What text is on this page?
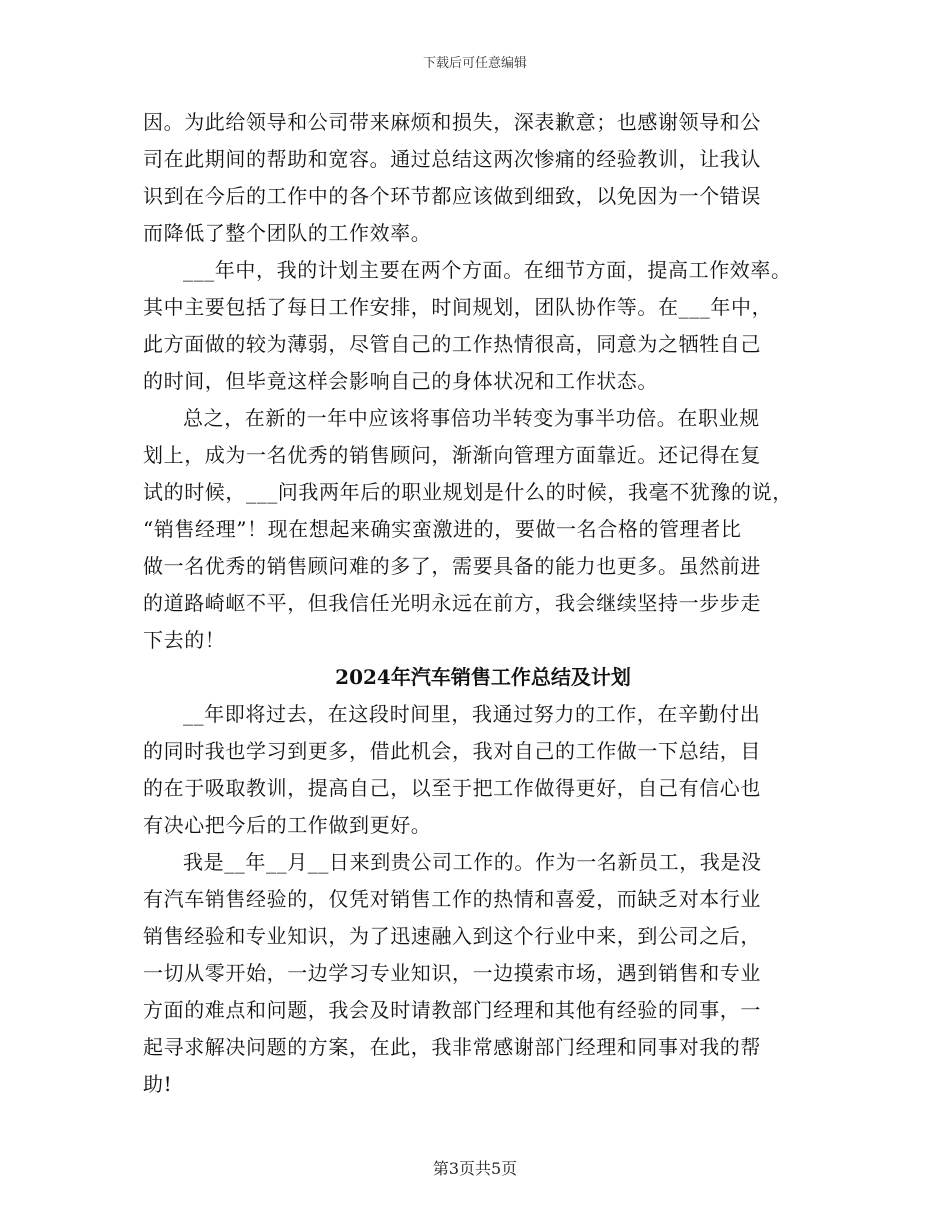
下载后可任意编辑

因。为此给领导和公司带来麻烦和损失，深表歉意；也感谢领导和公
司在此期间的帮助和宽容。通过总结这两次惨痛的经验教训，让我认
识到在今后的工作中的各个环节都应该做到细致，以免因为一个错误
而降低了整个团队的工作效率。

___年中，我的计划主要在两个方面。在细节方面，提高工作效率。
其中主要包括了每日工作安排，时间规划，团队协作等。在___年中，
此方面做的较为薄弱，尽管自己的工作热情很高，同意为之牺牲自己
的时间，但毕竟这样会影响自己的身体状况和工作状态。

总之，在新的一年中应该将事倍功半转变为事半功倍。在职业规
划上，成为一名优秀的销售顾问，渐渐向管理方面靠近。还记得在复
试的时候，___问我两年后的职业规划是什么的时候，我毫不犹豫的说，
“销售经理”！现在想起来确实蛮激进的，要做一名合格的管理者比
做一名优秀的销售顾问难的多了，需要具备的能力也更多。虽然前进
的道路崎岖不平，但我信任光明永远在前方，我会继续坚持一步步走
下去的！

2024年汽车销售工作总结及计划

__年即将过去，在这段时间里，我通过努力的工作，在辛勤付出
的同时我也学习到更多，借此机会，我对自己的工作做一下总结，目
的在于吸取教训，提高自己，以至于把工作做得更好，自己有信心也
有决心把今后的工作做到更好。

我是__年__月__日来到贵公司工作的。作为一名新员工，我是没
有汽车销售经验的，仅凭对销售工作的热情和喜爱，而缺乏对本行业
销售经验和专业知识，为了迅速融入到这个行业中来，到公司之后，
一切从零开始，一边学习专业知识，一边摸索市场，遇到销售和专业
方面的难点和问题，我会及时请教部门经理和其他有经验的同事，一
起寻求解决问题的方案，在此，我非常感谢部门经理和同事对我的帮
助!

第3页共5页
